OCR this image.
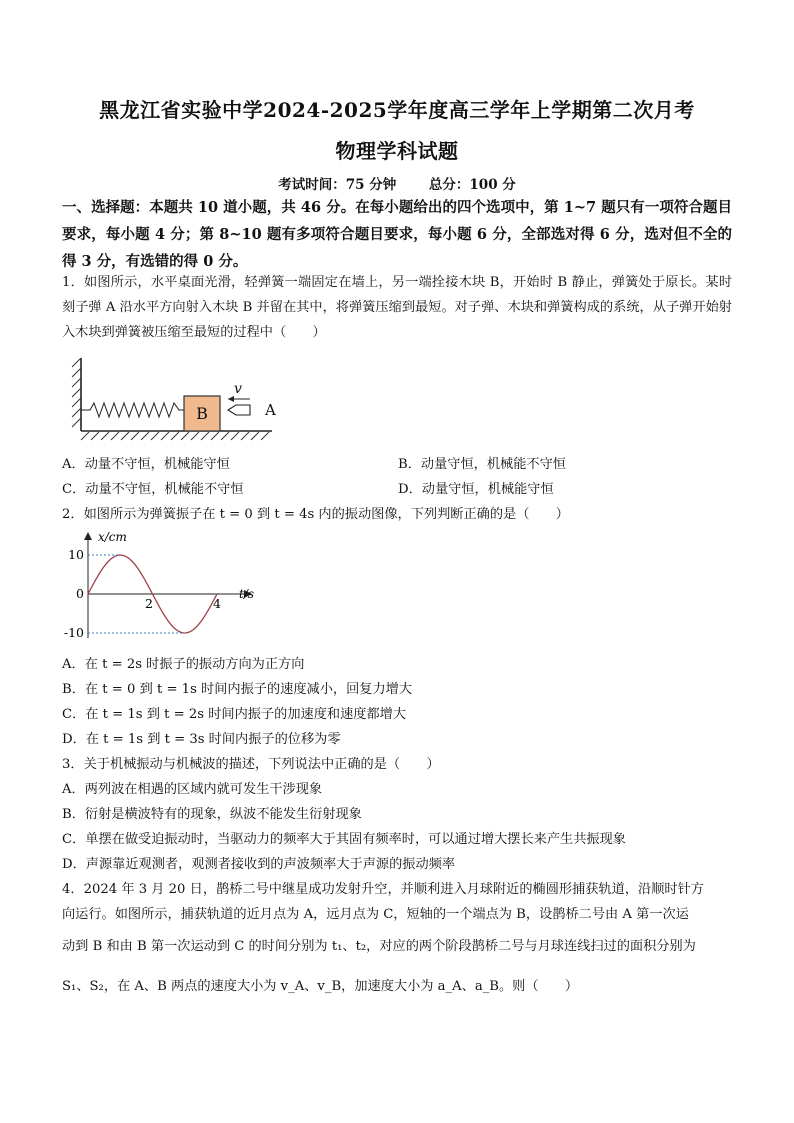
黑龙江省实验中学2024-2025学年度高三学年上学期第二次月考
物理学科试题
考试时间：75 分钟 总分：100 分
一、选择题：本题共 10 道小题，共 46 分。在每小题给出的四个选项中，第 1~7 题只有一项符合题目要求，每小题 4 分；第 8~10 题有多项符合题目要求，每小题 6 分，全部选对得 6 分，选对但不全的得 3 分，有选错的得 0 分。
1．如图所示，水平桌面光滑，轻弹簧一端固定在墙上，另一端拴接木块 B，开始时 B 静止，弹簧处于原长。某时刻子弹 A 沿水平方向射入木块 B 并留在其中，将弹簧压缩到最短。对子弹、木块和弹簧构成的系统，从子弹开始射入木块到弹簧被压缩至最短的过程中（　　）
B	A
v
A．动量不守恒，机械能守恒	B．动量守恒，机械能不守恒
C．动量不守恒，机械能不守恒	D．动量守恒，机械能守恒
2．如图所示为弹簧振子在 t = 0 到 t = 4s 内的振动图像，下列判断正确的是（　　）
x/cm
t/s
10
0
-10
2	4
A．在 t = 2s 时振子的振动方向为正方向
B．在 t = 0 到 t = 1s 时间内振子的速度减小，回复力增大
C．在 t = 1s 到 t = 2s 时间内振子的加速度和速度都增大
D．在 t = 1s 到 t = 3s 时间内振子的位移为零
3．关于机械振动与机械波的描述，下列说法中正确的是（　　）
A．两列波在相遇的区域内就可发生干涉现象
B．衍射是横波特有的现象，纵波不能发生衍射现象
C．单摆在做受迫振动时，当驱动力的频率大于其固有频率时，可以通过增大摆长来产生共振现象
D．声源靠近观测者，观测者接收到的声波频率大于声源的振动频率
4．2024 年 3 月 20 日，鹊桥二号中继星成功发射升空，并顺利进入月球附近的椭圆形捕获轨道，沿顺时针方
向运行。如图所示，捕获轨道的近月点为 A，远月点为 C，短轴的一个端点为 B，设鹊桥二号由 A 第一次运
动到 B 和由 B 第一次运动到 C 的时间分别为 t₁、t₂，对应的两个阶段鹊桥二号与月球连线扫过的面积分别为
S₁、S₂，在 A、B 两点的速度大小为 v_A、v_B，加速度大小为 a_A、a_B。则（　　）
